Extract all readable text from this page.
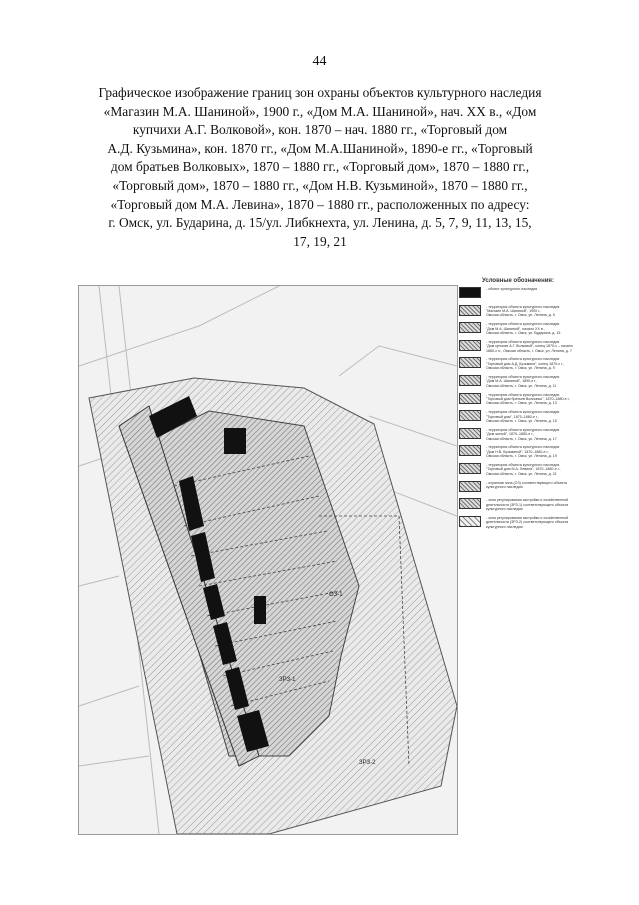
44
Графическое изображение границ зон охраны объектов культурного наследия
«Магазин М.А. Шаниной», 1900 г., «Дом М.А. Шаниной», нач. XX в., «Дом
купчихи А.Г. Волковой», кон. 1870 – нач. 1880 гг., «Торговый дом
А.Д. Кузьмина», кон. 1870 гг., «Дом М.А.Шаниной», 1890-е гг., «Торговый
дом братьев Волковых», 1870 – 1880 гг., «Торговый дом», 1870 – 1880 гг.,
«Торговый дом», 1870 – 1880 гг., «Дом Н.В. Кузьминой», 1870 – 1880 гг.,
«Торговый дом М.А. Левина», 1870 – 1880 гг., расположенных по адресу:
г. Омск, ул. Бударина, д. 15/ул. Либкнехта, ул. Ленина, д. 5, 7, 9, 11, 13, 15,
17, 19, 21
ЗРЗ-2
ЗРЗ-1
ОЗ-1
Условные обозначения:
- объект культурного наследия
- территория объекта культурного наследия
"Магазин М.А. Шаниной", 1900 г.,
Омская область, г. Омск, ул. Ленина, д. 5
- территория объекта культурного наследия
"Дом М.А. Шаниной", начало XX в.,
Омская область, г. Омск, ул. Бударина, д. 15
- территория объекта культурного наследия
"Дом купчихи А.Г. Волковой", конец 1870-х – начало
1880-х гг., Омская область, г. Омск, ул. Ленина, д. 7
- территория объекта культурного наследия
"Торговый дом А.Д. Кузьмина", конец 1870-х г.,
Омская область, г. Омск, ул. Ленина, д. 9
- территория объекта культурного наследия
"Дом М.А. Шаниной", 1890-е г.,
Омская область, г. Омск, ул. Ленина, д. 11
- территория объекта культурного наследия
"Торговый дом братьев Волковых", 1870–1880-е г.,
Омская область, г. Омск, ул. Ленина, д. 13
- территория объекта культурного наследия
"Торговый дом", 1870–1880-е г.,
Омская область, г. Омск, ул. Ленина, д. 15
- территория объекта культурного наследия
"Дом жилой", 1870–1880-е г.,
Омская область, г. Омск, ул. Ленина, д. 17
- территория объекта культурного наследия
"Дом Н.В. Кузьминой", 1870–1880-е г.,
Омская область, г. Омск, ул. Ленина, д. 19
- территория объекта культурного наследия
"Торговый дом М.А. Левина", 1870–1880-е г.,
Омская область, г. Омск, ул. Ленина, д. 21
- охранная зона (ОЗ) соответствующего объекта
культурного наследия
- зона регулирования застройки и хозяйственной
деятельности (ЗРЗ-1) соответствующего объекта
культурного наследия
- зона регулирования застройки и хозяйственной
деятельности (ЗРЗ-2) соответствующего объекта
культурного наследия
